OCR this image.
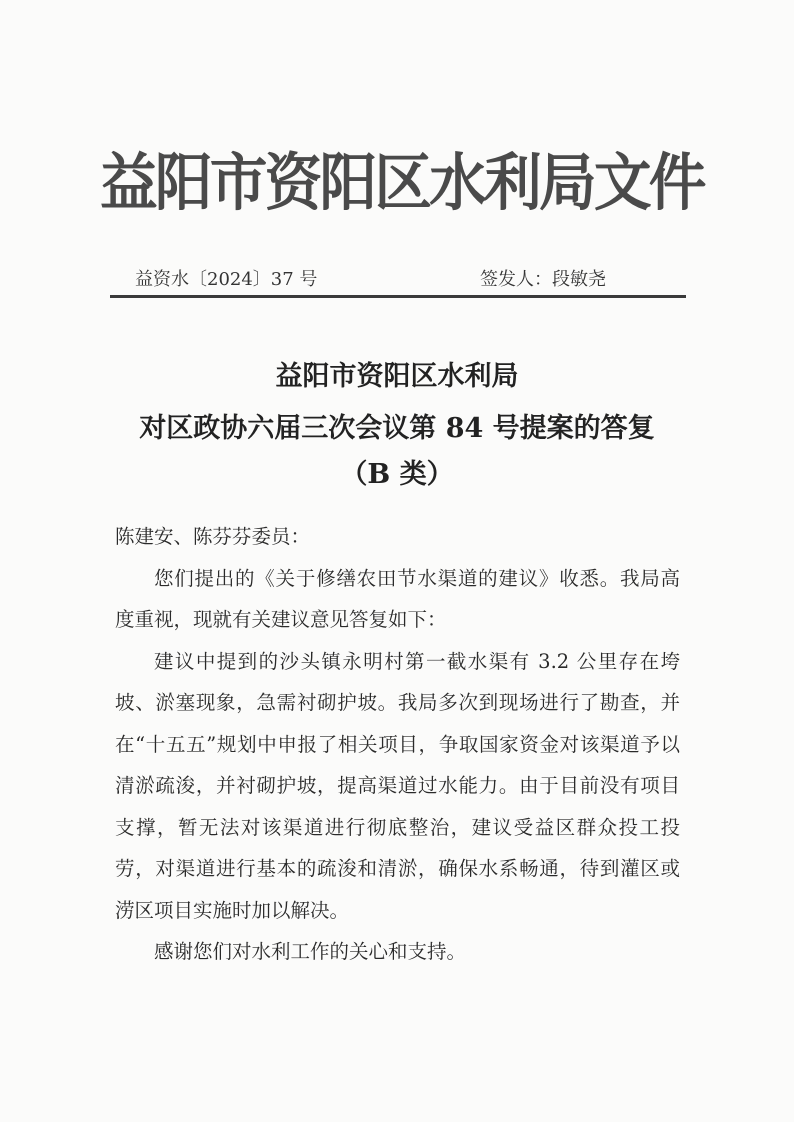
益阳市资阳区水利局文件
益资水〔2024〕37 号	签发人：段敏尧
益阳市资阳区水利局
对区政协六届三次会议第 84 号提案的答复
（B 类）

陈建安、陈芬芬委员：

您们提出的《关于修缮农田节水渠道的建议》收悉。我局高度重视，现就有关建议意见答复如下：

建议中提到的沙头镇永明村第一截水渠有 3.2 公里存在垮坡、淤塞现象，急需衬砌护坡。我局多次到现场进行了勘查，并在“十五五”规划中申报了相关项目，争取国家资金对该渠道予以清淤疏浚，并衬砌护坡，提高渠道过水能力。由于目前没有项目支撑，暂无法对该渠道进行彻底整治，建议受益区群众投工投劳，对渠道进行基本的疏浚和清淤，确保水系畅通，待到灌区或涝区项目实施时加以解决。

感谢您们对水利工作的关心和支持。
